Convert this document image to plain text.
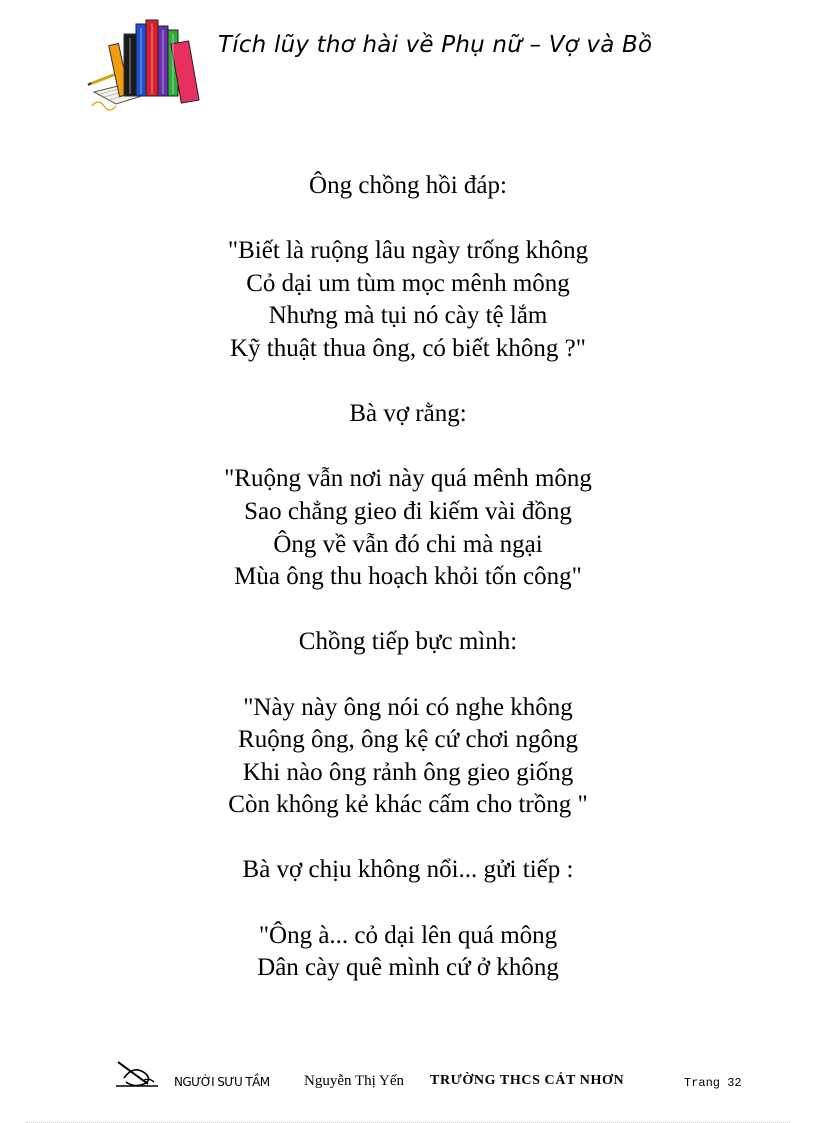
Tích lũy thơ hài về Phụ nữ – Vợ và Bồ
Ông chồng hồi đáp:
"Biết là ruộng lâu ngày trống không
Cỏ dại um tùm mọc mênh mông
Nhưng mà tụi nó cày tệ lắm
Kỹ thuật thua ông, có biết không ?"
Bà vợ rằng:
"Ruộng vẫn nơi này quá mênh mông
Sao chẳng gieo đi kiếm vài đồng
Ông về vẫn đó chi mà ngại
Mùa ông thu hoạch khỏi tốn công"
Chồng tiếp bực mình:
"Này này ông nói có nghe không
Ruộng ông, ông kệ cứ chơi ngông
Khi nào ông rảnh ông gieo giống
Còn không kẻ khác cấm cho trồng "
Bà vợ chịu không nổi... gửi tiếp :
"Ông à... cỏ dại lên quá mông
Dân cày quê mình cứ ở không
NGƯỜI SƯU TẦM Nguyễn Thị Yến TRƯỜNG THCS CÁT NHƠN	Trang 32
